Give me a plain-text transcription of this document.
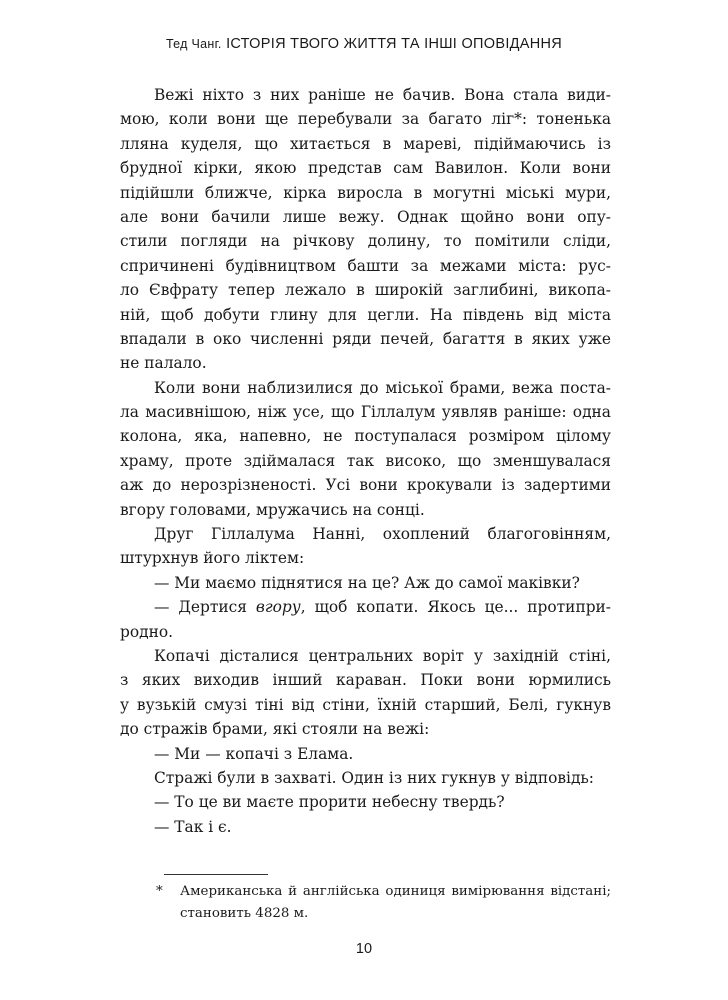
Тед Чанг. ІСТОРІЯ ТВОГО ЖИТТЯ ТА ІНШІ ОПОВІДАННЯ
Вежі ніхто з них раніше не бачив. Вона стала види-
мою, коли вони ще перебували за багато ліг*: тоненька
лляна куделя, що хитається в мареві, підіймаючись із
брудної кірки, якою представ сам Вавилон. Коли вони
підійшли ближче, кірка виросла в могутні міські мури,
але вони бачили лише вежу. Однак щойно вони опу-
стили погляди на річкову долину, то помітили сліди,
спричинені будівництвом башти за межами міста: рус-
ло Євфрату тепер лежало в широкій заглибині, викопа-
ній, щоб добути глину для цегли. На південь від міста
впадали в око численні ряди печей, багаття в яких уже
не палало.
Коли вони наблизилися до міської брами, вежа поста-
ла масивнішою, ніж усе, що Гіллалум уявляв раніше: одна
колона, яка, напевно, не поступалася розміром цілому
храму, проте здіймалася так високо, що зменшувалася
аж до нерозрізненості. Усі вони крокували із задертими
вгору головами, мружачись на сонці.
Друг Гіллалума Нанні, охоплений благоговінням,
штурхнув його ліктем:
— Ми маємо піднятися на це? Аж до самої маківки?
— Дертися вгору, щоб копати. Якось це... протипри-
родно.
Копачі дісталися центральних воріт у західній стіні,
з яких виходив інший караван. Поки вони юрмились
у вузькій смузі тіні від стіни, їхній старший, Белі, гукнув
до стражів брами, які стояли на вежі:
— Ми — копачі з Елама.
Стражі були в захваті. Один із них гукнув у відповідь:
— То це ви маєте прорити небесну твердь?
— Так і є.
* Американська й англійська одиниця вимірювання відстані;
становить 4828 м.
10
